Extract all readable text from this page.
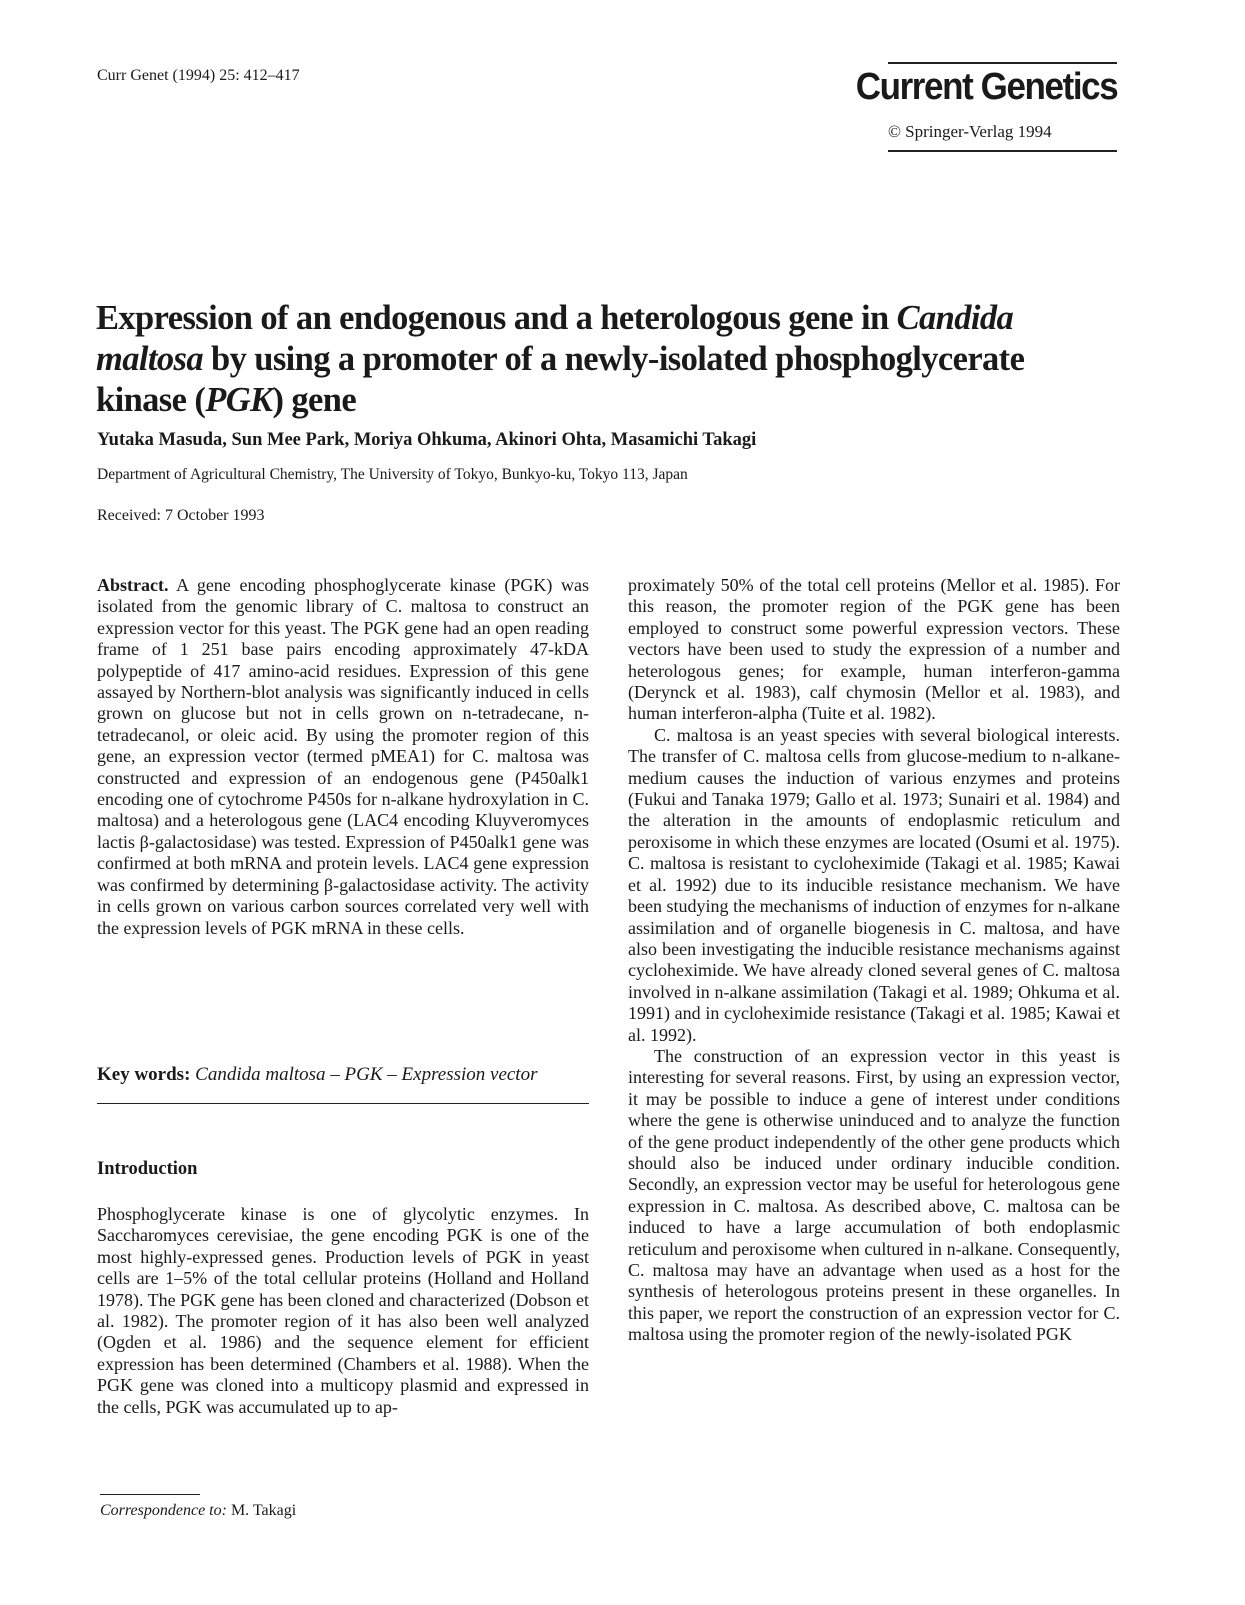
Curr Genet (1994) 25: 412–417	Current Genetics
© Springer-Verlag 1994
Expression of an endogenous and a heterologous gene in Candida maltosa by using a promoter of a newly-isolated phosphoglycerate kinase (PGK) gene
Yutaka Masuda, Sun Mee Park, Moriya Ohkuma, Akinori Ohta, Masamichi Takagi
Department of Agricultural Chemistry, The University of Tokyo, Bunkyo-ku, Tokyo 113, Japan
Received: 7 October 1993

Abstract. A gene encoding phosphoglycerate kinase (PGK) was isolated from the genomic library of C. maltosa to construct an expression vector for this yeast. The PGK gene had an open reading frame of 1 251 base pairs encoding approximately 47-kDA polypeptide of 417 amino-acid residues. Expression of this gene assayed by Northern-blot analysis was significantly induced in cells grown on glucose but not in cells grown on n-tetradecane, n-tetradecanol, or oleic acid. By using the promoter region of this gene, an expression vector (termed pMEA1) for C. maltosa was constructed and expression of an endogenous gene (P450alk1 encoding one of cytochrome P450s for n-alkane hydroxylation in C. maltosa) and a heterologous gene (LAC4 encoding Kluyveromyces lactis β-galactosidase) was tested. Expression of P450alk1 gene was confirmed at both mRNA and protein levels. LAC4 gene expression was confirmed by determining β-galactosidase activity. The activity in cells grown on various carbon sources correlated very well with the expression levels of PGK mRNA in these cells.

Key words: Candida maltosa – PGK – Expression vector
Introduction

Phosphoglycerate kinase is one of glycolytic enzymes. In Saccharomyces cerevisiae, the gene encoding PGK is one of the most highly-expressed genes. Production levels of PGK in yeast cells are 1–5% of the total cellular proteins (Holland and Holland 1978). The PGK gene has been cloned and characterized (Dobson et al. 1982). The promoter region of it has also been well analyzed (Ogden et al. 1986) and the sequence element for efficient expression has been determined (Chambers et al. 1988). When the PGK gene was cloned into a multicopy plasmid and expressed in the cells, PGK was accumulated up to ap-

proximately 50% of the total cell proteins (Mellor et al. 1985). For this reason, the promoter region of the PGK gene has been employed to construct some powerful expression vectors. These vectors have been used to study the expression of a number and heterologous genes; for example, human interferon-gamma (Derynck et al. 1983), calf chymosin (Mellor et al. 1983), and human interferon-alpha (Tuite et al. 1982).

C. maltosa is an yeast species with several biological interests. The transfer of C. maltosa cells from glucose-medium to n-alkane-medium causes the induction of various enzymes and proteins (Fukui and Tanaka 1979; Gallo et al. 1973; Sunairi et al. 1984) and the alteration in the amounts of endoplasmic reticulum and peroxisome in which these enzymes are located (Osumi et al. 1975). C. maltosa is resistant to cycloheximide (Takagi et al. 1985; Kawai et al. 1992) due to its inducible resistance mechanism. We have been studying the mechanisms of induction of enzymes for n-alkane assimilation and of organelle biogenesis in C. maltosa, and have also been investigating the inducible resistance mechanisms against cycloheximide. We have already cloned several genes of C. maltosa involved in n-alkane assimilation (Takagi et al. 1989; Ohkuma et al. 1991) and in cycloheximide resistance (Takagi et al. 1985; Kawai et al. 1992).

The construction of an expression vector in this yeast is interesting for several reasons. First, by using an expression vector, it may be possible to induce a gene of interest under conditions where the gene is otherwise uninduced and to analyze the function of the gene product independently of the other gene products which should also be induced under ordinary inducible condition. Secondly, an expression vector may be useful for heterologous gene expression in C. maltosa. As described above, C. maltosa can be induced to have a large accumulation of both endoplasmic reticulum and peroxisome when cultured in n-alkane. Consequently, C. maltosa may have an advantage when used as a host for the synthesis of heterologous proteins present in these organelles. In this paper, we report the construction of an expression vector for C. maltosa using the promoter region of the newly-isolated PGK

Correspondence to: M. Takagi
